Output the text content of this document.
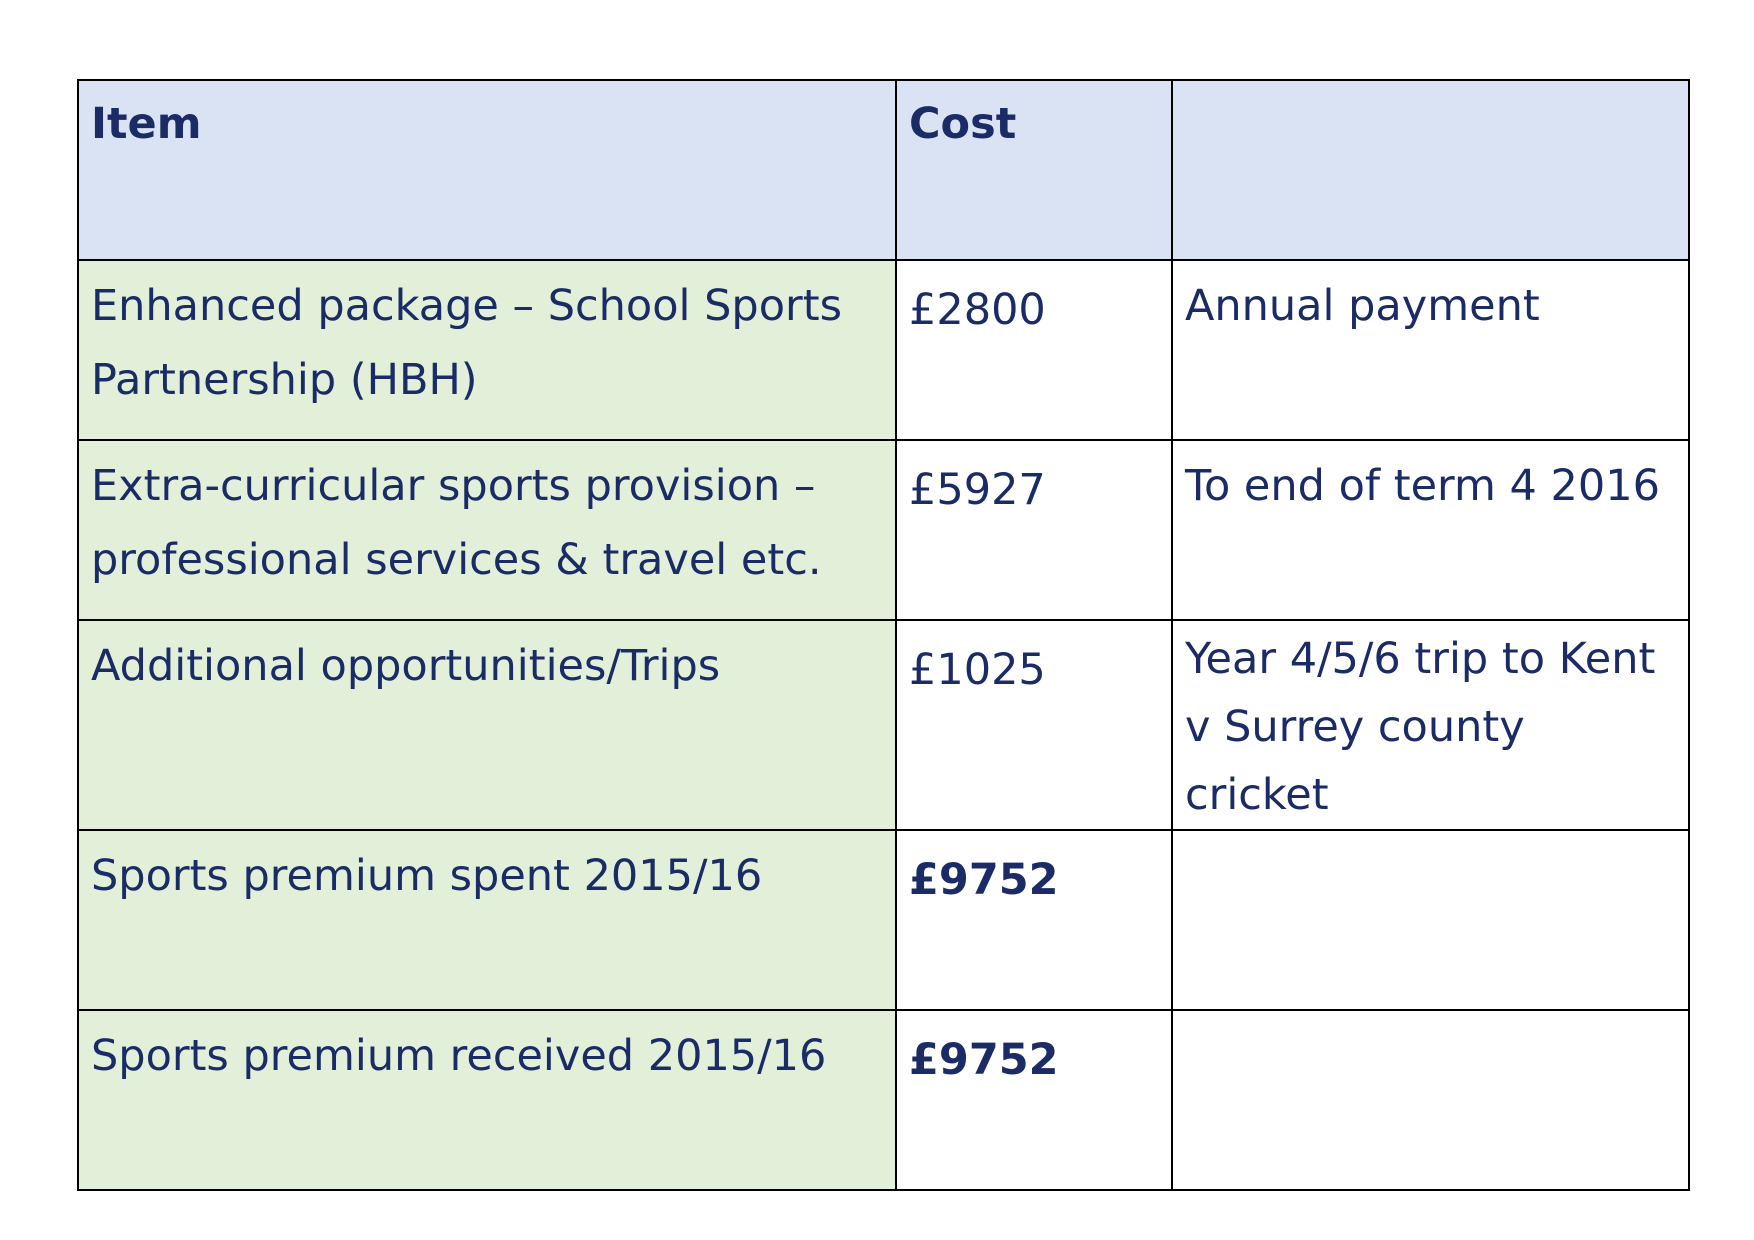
Item	Cost	
Enhanced package – School Sports Partnership (HBH)	£2800	Annual payment
Extra-curricular sports provision – professional services & travel etc.	£5927	To end of term 4 2016
Additional opportunities/Trips	£1025	Year 4/5/6 trip to Kent v Surrey county cricket
Sports premium spent 2015/16	£9752	
Sports premium received 2015/16	£9752	
